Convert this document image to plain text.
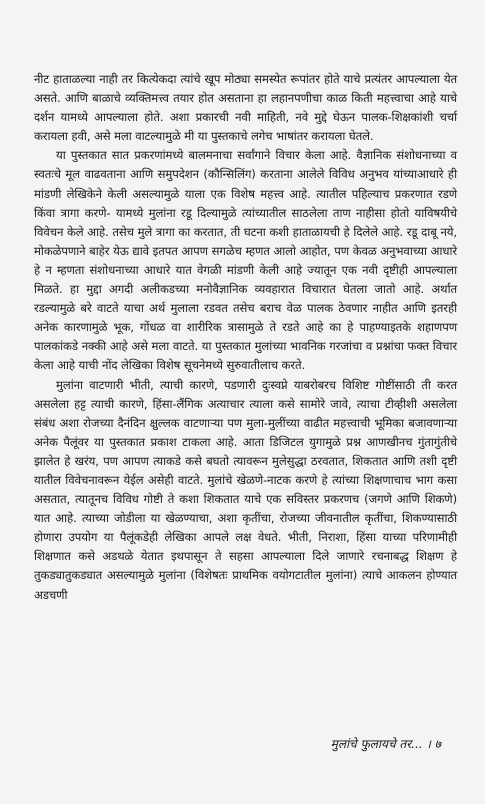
नीट हाताळल्या नाही तर कित्येकदा त्यांचे खूप मोठ्या समस्येत रूपांतर होते याचे प्रत्यंतर आपल्याला येत असते. आणि बाळाचे व्यक्तिमत्त्व तयार होत असताना हा लहानपणीचा काळ किती महत्त्वाचा आहे याचे दर्शन यामध्ये आपल्याला होते. अशा प्रकारची नवी माहिती, नवे मुद्दे घेऊन पालक-शिक्षकांशी चर्चा करायला हवी, असे मला वाटल्यामुळे मी या पुस्तकाचे लगेच भाषांतर करायला घेतले.

या पुस्तकात सात प्रकरणांमध्ये बालमनाचा सर्वांगाने विचार केला आहे. वैज्ञानिक संशोधनाच्या व स्वतःचे मूल वाढवताना आणि समुपदेशन (कौन्सिलिंग) करताना आलेले विविध अनुभव यांच्याआधारे ही मांडणी लेखिकेने केली असल्यामुळे याला एक विशेष महत्त्व आहे. त्यातील पहिल्याच प्रकरणात रडणे किंवा त्रागा करणे- यामध्ये मुलांना रडू दिल्यामुळे त्यांच्यातील साठलेला ताण नाहीसा होतो याविषयीचे विवेचन केले आहे. तसेच मुले त्रागा का करतात, ती घटना कशी हाताळायची हे दिलेले आहे. रडू दाबू नये, मोकळेपणाने बाहेर येऊ द्यावे इतपत आपण सगळेच म्हणत आलो आहोत, पण केवळ अनुभवाच्या आधारे हे न म्हणता संशोधनाच्या आधारे यात वेगळी मांडणी केली आहे ज्यातून एक नवी दृष्टीही आपल्याला मिळते. हा मुद्दा अगदी अलीकडच्या मनोवैज्ञानिक व्यवहारात विचारात घेतला जातो आहे. अर्थात रडल्यामुळे बरे वाटते याचा अर्थ मुलाला रडवत तसेच बराच वेळ पालक ठेवणार नाहीत आणि इतरही अनेक कारणामुळे भूक, गोंधळ वा शारीरिक त्रासामुळे ते रडते आहे का हे पाहण्याइतके शहाणपण पालकांकडे नक्की आहे असे मला वाटते. या पुस्तकात मुलांच्या भावनिक गरजांचा व प्रश्नांचा फक्त विचार केला आहे याची नोंद लेखिका विशेष सूचनेमध्ये सुरुवातीलाच करते.

मुलांना वाटणारी भीती, त्याची कारणे, पडणारी दुःस्वप्ने याबरोबरच विशिष्ट गोष्टींसाठी ती करत असलेला हट्ट त्याची कारणे, हिंसा-लैंगिक अत्याचार त्याला कसे सामोरे जावे, त्याचा टीव्हीशी असलेला संबंध अशा रोजच्या दैनंदिन क्षुल्लक वाटणाऱ्या पण मुला-मुलींच्या वाढीत महत्त्वाची भूमिका बजावणाऱ्या अनेक पैलूंवर या पुस्तकात प्रकाश टाकला आहे. आता डिजिटल युगामुळे प्रश्न आणखीनच गुंतागुंतीचे झालेत हे खरंय, पण आपण त्याकडे कसे बघतो त्यावरून मुलेसुद्धा ठरवतात, शिकतात आणि तशी दृष्टी यातील विवेचनावरून येईल असेही वाटते. मुलांचे खेळणे-नाटक करणे हे त्यांच्या शिक्षणाचाच भाग कसा असतात, त्यातूनच विविध गोष्टी ते कशा शिकतात याचे एक सविस्तर प्रकरणच (जगणे आणि शिकणे) यात आहे. त्याच्या जोडीला या खेळण्याचा, अशा कृतींचा, रोजच्या जीवनातील कृतींचा, शिकण्यासाठी होणारा उपयोग या पैलूंकडेही लेखिका आपले लक्ष वेधते. भीती, निराशा, हिंसा याच्या परिणामीही शिक्षणात कसे अडथळे येतात इथपासून ते सहसा आपल्याला दिले जाणारे रचनाबद्ध शिक्षण हे तुकड्यातुकड्यात असल्यामुळे मुलांना (विशेषतः प्राथमिक वयोगटातील मुलांना) त्याचे आकलन होण्यात अडचणी

मुलांचे फुलायचे तर... । ७
